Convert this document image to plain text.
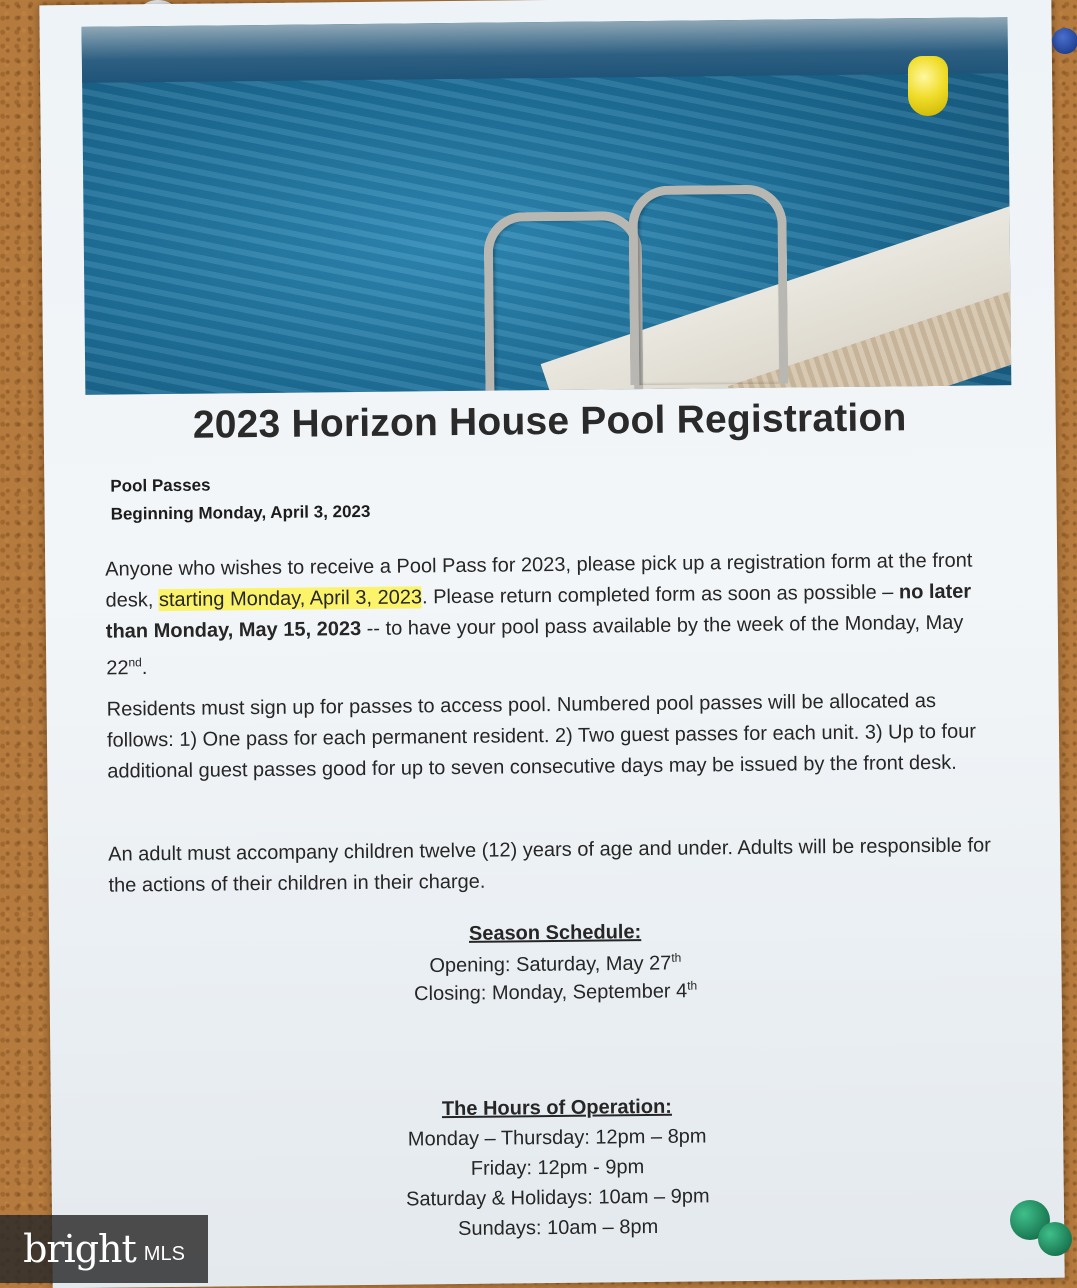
2023 Horizon House Pool Registration
Pool Passes
Beginning Monday, April 3, 2023
Anyone who wishes to receive a Pool Pass for 2023, please pick up a registration form at the front desk, starting Monday, April 3, 2023. Please return completed form as soon as possible – no later than Monday, May 15, 2023 -- to have your pool pass available by the week of the Monday, May 22nd.
Residents must sign up for passes to access pool. Numbered pool passes will be allocated as follows: 1) One pass for each permanent resident. 2) Two guest passes for each unit. 3) Up to four additional guest passes good for up to seven consecutive days may be issued by the front desk.
An adult must accompany children twelve (12) years of age and under. Adults will be responsible for the actions of their children in their charge.
Season Schedule:
Opening: Saturday, May 27th
Closing: Monday, September 4th
The Hours of Operation:
Monday – Thursday: 12pm – 8pm
Friday: 12pm - 9pm
Saturday & Holidays: 10am – 9pm
Sundays: 10am – 8pm
bright MLS
